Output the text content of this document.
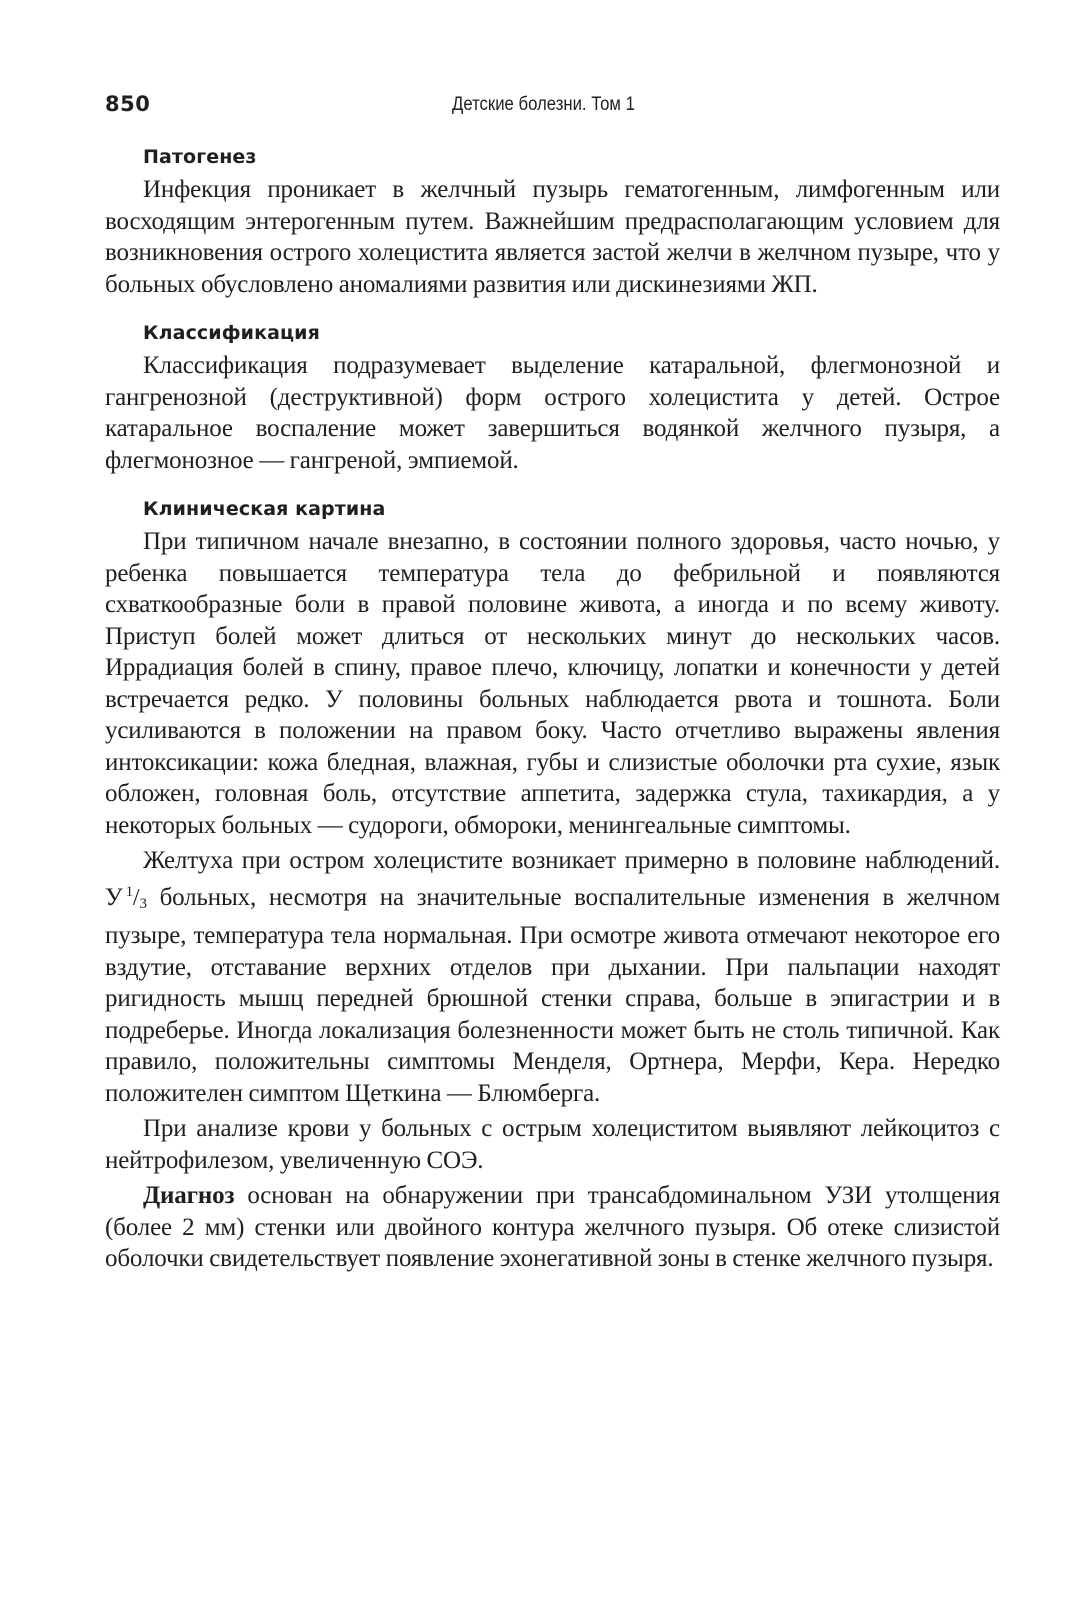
850	Детские болезни. Том 1
Патогенез

Инфекция проникает в желчный пузырь гематогенным, лимфогенным или восходящим энтерогенным путем. Важнейшим предрасполагающим условием для возникновения острого холецистита является застой желчи в желчном пузыре, что у больных обусловлено аномалиями развития или дискинезиями ЖП.

Классификация

Классификация подразумевает выделение катаральной, флегмонозной и гангренозной (деструктивной) форм острого холецистита у детей. Острое катаральное воспаление может завершиться водянкой желчного пузыря, а флегмонозное — гангреной, эмпиемой.

Клиническая картина

При типичном начале внезапно, в состоянии полного здоровья, часто ночью, у ребенка повышается температура тела до фебрильной и появляются схваткообразные боли в правой половине живота, а иногда и по всему животу. Приступ болей может длиться от нескольких минут до нескольких часов. Иррадиация болей в спину, правое плечо, ключицу, лопатки и конечности у детей встречается редко. У половины больных наблюдается рвота и тошнота. Боли усиливаются в положении на правом боку. Часто отчетливо выражены явления интоксикации: кожа бледная, влажная, губы и слизистые оболочки рта сухие, язык обложен, головная боль, отсутствие аппетита, задержка стула, тахикардия, а у некоторых больных — судороги, обмороки, менингеальные симптомы.

Желтуха при остром холецистите возникает примерно в половине наблюдений. У $^1$/3 больных, несмотря на значительные воспалительные изменения в желчном пузыре, температура тела нормальная. При осмотре живота отмечают некоторое его вздутие, отставание верхних отделов при дыхании. При пальпации находят ригидность мышц передней брюшной стенки справа, больше в эпигастрии и в подреберье. Иногда локализация болезненности может быть не столь типичной. Как правило, положительны симптомы Менделя, Ортнера, Мерфи, Кера. Нередко положителен симптом Щеткина — Блюмберга.

При анализе крови у больных с острым холециститом выявляют лейкоцитоз с нейтрофилезом, увеличенную СОЭ.

Диагноз основан на обнаружении при трансабдоминальном УЗИ утолщения (более 2 мм) стенки или двойного контура желчного пузыря. Об отеке слизистой оболочки свидетельствует появление эхонегативной зоны в стенке желчного пузыря.
